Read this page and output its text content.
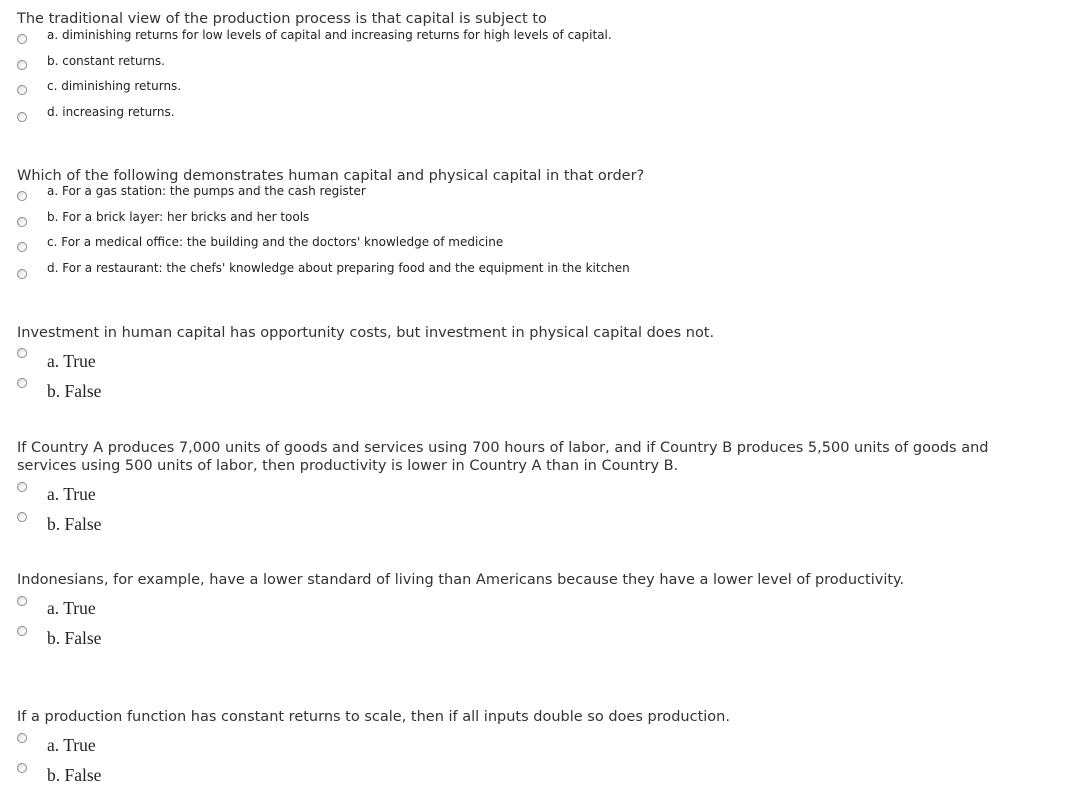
The traditional view of the production process is that capital is subject to
a. diminishing returns for low levels of capital and increasing returns for high levels of capital.
b. constant returns.
c. diminishing returns.
d. increasing returns.
Which of the following demonstrates human capital and physical capital in that order?
a. For a gas station: the pumps and the cash register
b. For a brick layer: her bricks and her tools
c. For a medical office: the building and the doctors' knowledge of medicine
d. For a restaurant: the chefs' knowledge about preparing food and the equipment in the kitchen
Investment in human capital has opportunity costs, but investment in physical capital does not.
a. True
b. False
If Country A produces 7,000 units of goods and services using 700 hours of labor, and if Country B produces 5,500 units of goods and services using 500 units of labor, then productivity is lower in Country A than in Country B.
a. True
b. False
Indonesians, for example, have a lower standard of living than Americans because they have a lower level of productivity.
a. True
b. False
If a production function has constant returns to scale, then if all inputs double so does production.
a. True
b. False
